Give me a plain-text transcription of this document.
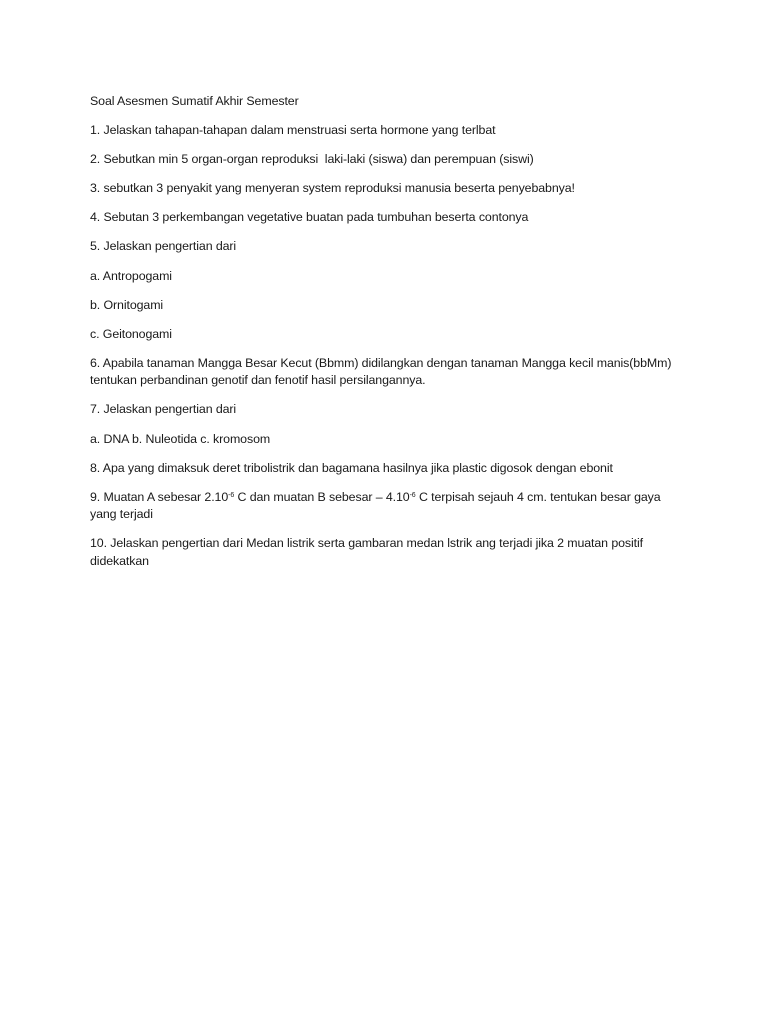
Soal Asesmen Sumatif Akhir Semester

1. Jelaskan tahapan-tahapan dalam menstruasi serta hormone yang terlbat

2. Sebutkan min 5 organ-organ reproduksi  laki-laki (siswa) dan perempuan (siswi)

3. sebutkan 3 penyakit yang menyeran system reproduksi manusia beserta penyebabnya!

4. Sebutan 3 perkembangan vegetative buatan pada tumbuhan beserta contonya

5. Jelaskan pengertian dari

a. Antropogami

b. Ornitogami

c. Geitonogami

6. Apabila tanaman Mangga Besar Kecut (Bbmm) didilangkan dengan tanaman Mangga kecil manis(bbMm) tentukan perbandinan genotif dan fenotif hasil persilangannya.

7. Jelaskan pengertian dari

a. DNA b. Nuleotida c. kromosom

8. Apa yang dimaksuk deret tribolistrik dan bagamana hasilnya jika plastic digosok dengan ebonit

9. Muatan A sebesar $2.10^{-6}$ C dan muatan B sebesar – $4.10^{-6}$ C terpisah sejauh 4 cm. tentukan besar gaya yang terjadi

10. Jelaskan pengertian dari Medan listrik serta gambaran medan lstrik ang terjadi jika 2 muatan positif didekatkan
